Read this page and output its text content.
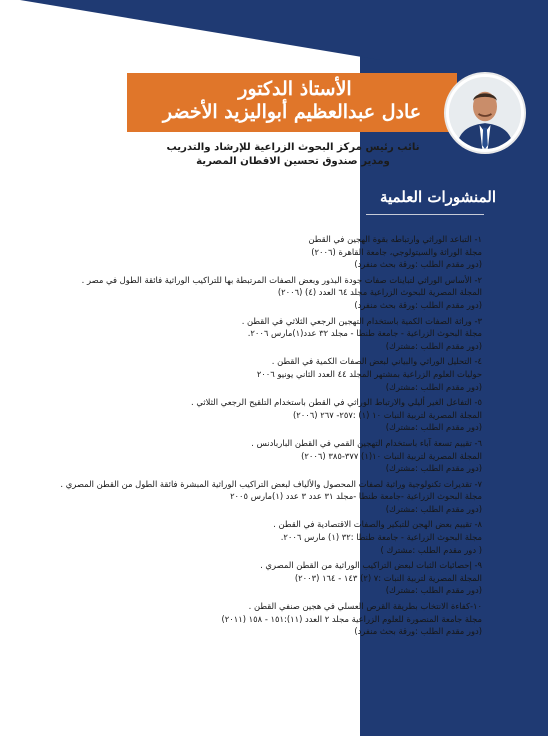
الأستاذ الدكتور
عادل عبدالعظيم أبواليزيد الأخضر
نائب رئيس مركز البحوث الزراعية للإرشاد والتدريب
ومدير صندوق تحسين الاقطان المصرية
المنشورات العلمية
١- التباعد الوراثي وارتباطه بقوة الهجين في القطن
مجلة الوراثة والسيتولوجي، جامعة القاهرة (٢٠٠٦)
(دور مقدم الطلب :ورقة بحث منفرد)
٢- الأساس الوراثي لتباينات صفات جودة البذور وبعض الصفات المرتبطة بها للتراكيب الوراثية فائقة الطول في مصر .
المجلة المصرية للبحوث الزراعية مجلد ٦٤ العدد (٤) (٢٠٠٦)
(دور مقدم الطلب :ورقة بحث منفرد)
٣- وراثة الصفات الكمية باستخدام التهجين الرجعي الثلاثي في القطن .
مجلة البحوث الزراعية - جامعة طنطا - مجلد ٣٢ عدد(١)مارس ٢٠٠٦.
(دور مقدم الطلب :مشترك)
٤- التحليل الوراثي والبياني لبعض الصفات الكمية في القطن .
حوليات العلوم الزراعية بمشتهر المجلد ٤٤ العدد الثاني يونيو ٢٠٠٦
(دور مقدم الطلب :مشترك)
٥- التفاعل الغير أليلي والارتباط الوراثي في القطن باستخدام التلقيح الرجعي الثلاثي .
المجلة المصرية لتربية النبات ١٠ (١) :٢٥٧- ٢٦٧ (٢٠٠٦)
(دور مقدم الطلب :مشترك)
٦- تقييم تسعة آباء باستخدام التهجين القمي في القطن الباربادنس .
المجلة المصرية لتربية النبات ١٠(١) ٣٧٧-٣٨٥ (٢٠٠٦)
(دور مقدم الطلب :مشترك)
٧- تقديرات تكنولوجية وراثية لصفات المحصول والألياف لبعض التراكيب الوراثية المبشرة فائقة الطول من القطن المصري .
مجلة البحوث الزراعية -جامعة طنطا -مجلد ٣١ عدد ٣ عدد (١)مارس ٢٠٠٥
(دور مقدم الطلب :مشترك)
٨- تقييم بعض الهجن للتبكير والصفات الاقتصادية في القطن .
مجلة البحوث الزراعية - جامعة طنطا :٣٢ (١) مارس ٢٠٠٦.
( دور مقدم الطلب :مشترك )
٩- إحصائيات الثبات لبعض التراكيب الوراثية من القطن المصري .
المجلة المصرية لتربية النبات :٧ (٢) ١٤٣ - ١٦٤ (٢٠٠٣)
(دور مقدم الطلب :مشترك)
١٠-كفاءة الانتخاب بطريقة القرص العسلي في هجين صنفي القطن .
مجلة جامعة المنصورة للعلوم الزراعية مجلد ٢ العدد (١١):١٥١ - ١٥٨ (٢٠١١)
(دور مقدم الطلب :ورقة بحث منفرد)
